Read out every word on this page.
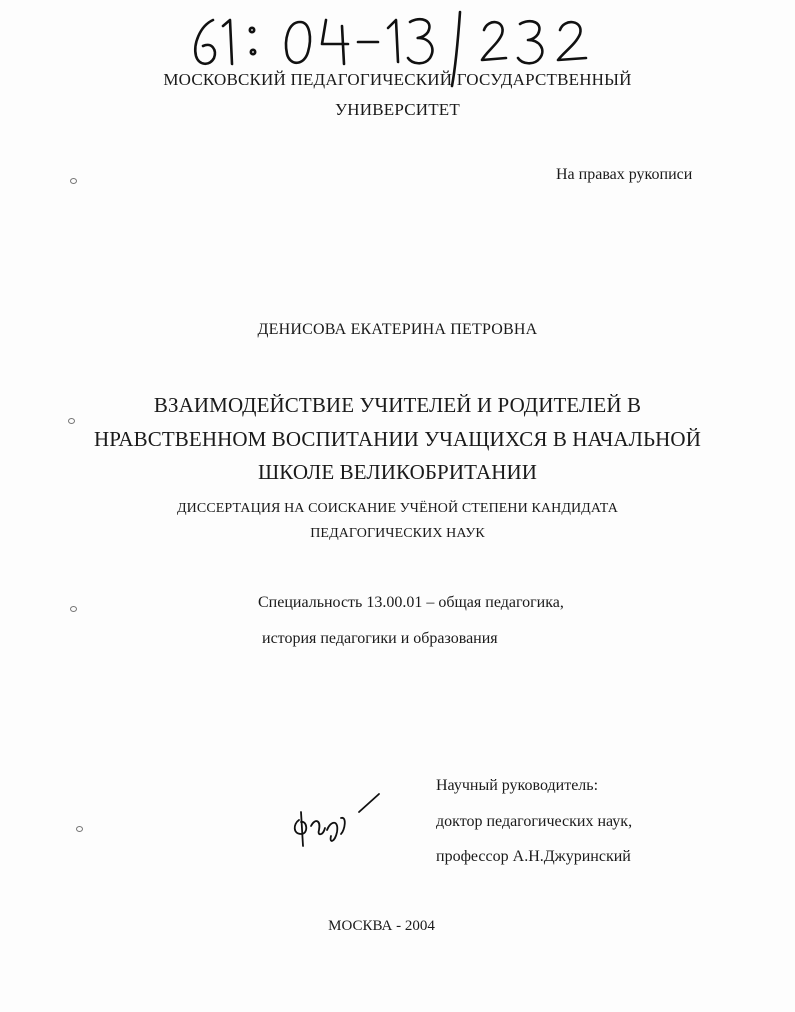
МОСКОВСКИЙ ПЕДАГОГИЧЕСКИЙ ГОСУДАРСТВЕННЫЙ
УНИВЕРСИТЕТ
На правах рукописи
ДЕНИСОВА ЕКАТЕРИНА ПЕТРОВНА
ВЗАИМОДЕЙСТВИЕ УЧИТЕЛЕЙ И РОДИТЕЛЕЙ В
НРАВСТВЕННОМ ВОСПИТАНИИ УЧАЩИХСЯ В НАЧАЛЬНОЙ
ШКОЛЕ ВЕЛИКОБРИТАНИИ
ДИССЕРТАЦИЯ НА СОИСКАНИЕ УЧЁНОЙ СТЕПЕНИ КАНДИДАТА
ПЕДАГОГИЧЕСКИХ НАУК
Специальность 13.00.01 – общая педагогика,
история педагогики и образования
Научный руководитель:
доктор педагогических наук,
профессор А.Н.Джуринский
МОСКВА - 2004
